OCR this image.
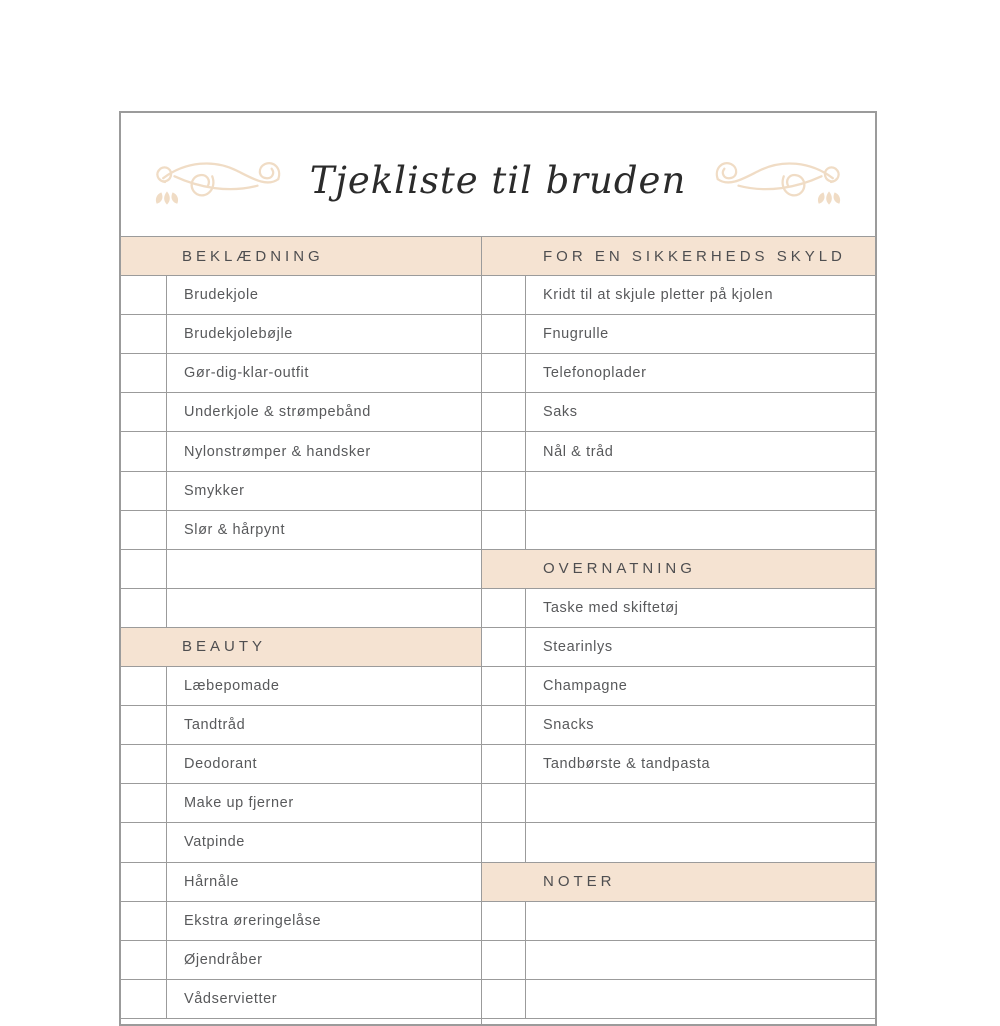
Tjekliste til bruden
BEKLÆDNING
Brudekjole
Brudekjolebøjle
Gør-dig-klar-outfit
Underkjole & strømpebånd
Nylonstrømper & handsker
Smykker
Slør & hårpynt
BEAUTY
Læbepomade
Tandtråd
Deodorant
Make up fjerner
Vatpinde
Hårnåle
Ekstra øreringelåse
Øjendråber
Vådservietter
FOR EN SIKKERHEDS SKYLD
Kridt til at skjule pletter på kjolen
Fnugrulle
Telefonoplader
Saks
Nål & tråd
OVERNATNING
Taske med skiftetøj
Stearinlys
Champagne
Snacks
Tandbørste & tandpasta
NOTER
